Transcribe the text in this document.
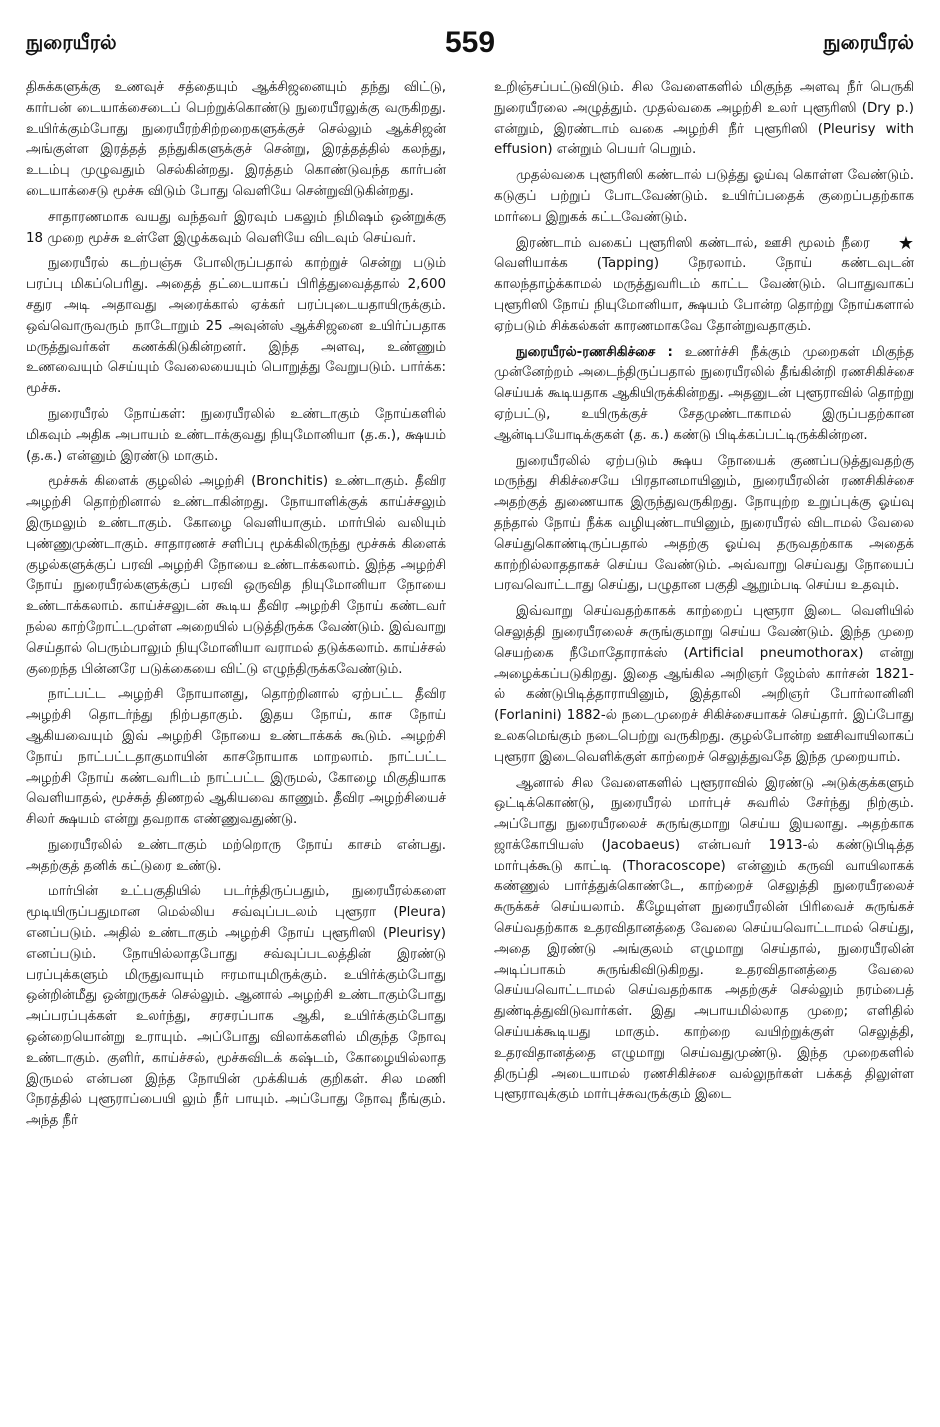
நுரையீரல்	559	நுரையீரல்

திசுக்களுக்கு உணவுச் சத்தையும் ஆக்சிஜனையும் தந்து விட்டு, கார்பன் டையாக்சைடைப் பெற்றுக்கொண்டு நுரையீரலுக்கு வருகிறது. உயிர்க்கும்போது நுரையீரற்சிற்றறைகளுக்குச் செல்லும் ஆக்சிஜன் அங்குள்ள இரத்தத் தந்துகிகளுக்குச் சென்று, இரத்தத்தில் கலந்து, உடம்பு முழுவதும் செல்கின்றது. இரத்தம் கொண்டுவந்த கார்பன் டையாக்சைடு மூச்சு விடும் போது வெளியே சென்றுவிடுகின்றது.

சாதாரணமாக வயது வந்தவர் இரவும் பகலும் நிமிஷம் ஒன்றுக்கு 18 முறை மூச்சு உள்ளே இழுக்கவும் வெளியே விடவும் செய்வர்.

நுரையீரல் கடற்பஞ்சு போலிருப்பதால் காற்றுச் சென்று படும் பரப்பு மிகப்பெரிது. அதைத் தட்டையாகப் பிரித்துவைத்தால் 2,600 சதுர அடி அதாவது அரைக்கால் ஏக்கர் பரப்புடையதாயிருக்கும். ஒவ்வொருவரும் நாடோறும் 25 அவுன்ஸ் ஆக்சிஜனை உயிர்ப்பதாக மருத்துவர்கள் கணக்கிடுகின்றனர். இந்த அளவு, உண்ணும் உணவையும் செய்யும் வேலையையும் பொறுத்து வேறுபடும். பார்க்க: மூச்சு.

நுரையீரல் நோய்கள்: நுரையீரலில் உண்டாகும் நோய்களில் மிகவும் அதிக அபாயம் உண்டாக்குவது நியுமோனியா (த.க.), க்ஷயம் (த.க.) என்னும் இரண்டு மாகும்.

மூச்சுக் கிளைக் குழலில் அழற்சி (Bronchitis) உண்டாகும். தீவிர அழற்சி தொற்றினால் உண்டாகின்றது. நோயாளிக்குக் காய்ச்சலும் இருமலும் உண்டாகும். கோழை வெளியாகும். மார்பில் வலியும் புண்ணுமுண்டாகும். சாதாரணச் சளிப்பு மூக்கிலிருந்து மூச்சுக் கிளைக் குழல்களுக்குப் பரவி அழற்சி நோயை உண்டாக்கலாம். இந்த அழற்சி நோய் நுரையீரல்களுக்குப் பரவி ஒருவித நியுமோனியா நோயை உண்டாக்கலாம். காய்ச்சலுடன் கூடிய தீவிர அழற்சி நோய் கண்டவர் நல்ல காற்றோட்டமுள்ள அறையில் படுத்திருக்க வேண்டும். இவ்வாறு செய்தால் பெரும்பாலும் நியுமோனியா வராமல் தடுக்கலாம். காய்ச்சல் குறைந்த பின்னரே படுக்கையை விட்டு எழுந்திருக்கவேண்டும்.

நாட்பட்ட அழற்சி நோயானது, தொற்றினால் ஏற்பட்ட தீவிர அழற்சி தொடர்ந்து நிற்பதாகும். இதய நோய், காச நோய் ஆகியவையும் இவ் அழற்சி நோயை உண்டாக்கக் கூடும். அழற்சி நோய் நாட்பட்டதாகுமாயின் காசநோயாக மாறலாம். நாட்பட்ட அழற்சி நோய் கண்டவரிடம் நாட்பட்ட இருமல், கோழை மிகுதியாக வெளியாதல், மூச்சுத் திணறல் ஆகியவை காணும். தீவிர அழற்சியைச் சிலர் க்ஷயம் என்று தவறாக எண்ணுவதுண்டு.

நுரையீரலில் உண்டாகும் மற்றொரு நோய் காசம் என்பது. அதற்குத் தனிக் கட்டுரை உண்டு.

மார்பின் உட்பகுதியில் படர்ந்திருப்பதும், நுரையீரல்களை மூடியிருப்பதுமான மெல்லிய சவ்வுப்படலம் புளூரா (Pleura) எனப்படும். அதில் உண்டாகும் அழற்சி நோய் புளூரிஸி (Pleurisy) எனப்படும். நோயில்லாதபோது சவ்வுப்படலத்தின் இரண்டு பரப்புக்களும் மிருதுவாயும் ஈரமாயுமிருக்கும். உயிர்க்கும்போது ஒன்றின்மீது ஒன்றுருகச் செல்லும். ஆனால் அழற்சி உண்டாகும்போது அப்பரப்புக்கள் உலர்ந்து, சரசரப்பாக ஆகி, உயிர்க்கும்போது ஒன்றையொன்று உராயும். அப்போது விலாக்களில் மிகுந்த நோவு உண்டாகும். குளிர், காய்ச்சல், மூச்சுவிடக் கஷ்டம், கோழையில்லாத இருமல் என்பன இந்த நோயின் முக்கியக் குறிகள். சில மணி நேரத்தில் புளூராப்பையி லும் நீர் பாயும். அப்போது நோவு நீங்கும். அந்த நீர்

உறிஞ்சப்பட்டுவிடும். சில வேளைகளில் மிகுந்த அளவு நீர் பெருகி நுரையீரலை அழுத்தும். முதல்வகை அழற்சி உலர் புளூரிஸி (Dry p.) என்றும், இரண்டாம் வகை அழற்சி நீர் புளூரிஸி (Pleurisy with effusion) என்றும் பெயர் பெறும்.

முதல்வகை புளூரிஸி கண்டால் படுத்து ஓய்வு கொள்ள வேண்டும். கடுகுப் பற்றுப் போடவேண்டும். உயிர்ப்பதைக் குறைப்பதற்காக மார்பை இறுகக் கட்டவேண்டும்.

★
இரண்டாம் வகைப் புளூரிஸி கண்டால், ஊசி மூலம் நீரை வெளியாக்க (Tapping) நேரலாம். நோய் கண்டவுடன் காலந்தாழ்க்காமல் மருத்துவரிடம் காட்ட வேண்டும். பொதுவாகப் புளூரிஸி நோய் நியுமோனியா, க்ஷயம் போன்ற தொற்று நோய்களால் ஏற்படும் சிக்கல்கள் காரணமாகவே தோன்றுவதாகும்.

நுரையீரல்-ரணசிகிச்சை : உணர்ச்சி நீக்கும் முறைகள் மிகுந்த முன்னேற்றம் அடைந்திருப்பதால் நுரையீரலில் தீங்கின்றி ரணசிகிச்சை செய்யக் கூடியதாக ஆகியிருக்கின்றது. அதனுடன் புளூராவில் தொற்று ஏற்பட்டு, உயிருக்குச் சேதமுண்டாகாமல் இருப்பதற்கான ஆன்டிபயோடிக்குகள் (த. க.) கண்டு பிடிக்கப்பட்டிருக்கின்றன.

நுரையீரலில் ஏற்படும் க்ஷய நோயைக் குணப்படுத்துவதற்கு மருந்து சிகிச்சையே பிரதானமாயினும், நுரையீரலின் ரணசிகிச்சை அதற்குத் துணையாக இருந்துவருகிறது. நோயுற்ற உறுப்புக்கு ஓய்வு தந்தால் நோய் நீக்க வழியுண்டாயினும், நுரையீரல் விடாமல் வேலை செய்துகொண்டிருப்பதால் அதற்கு ஓய்வு தருவதற்காக அதைக் காற்றில்லாததாகச் செய்ய வேண்டும். அவ்வாறு செய்வது நோயைப் பரவவொட்டாது செய்து, பழுதான பகுதி ஆறும்படி செய்ய உதவும்.

இவ்வாறு செய்வதற்காகக் காற்றைப் புளூரா இடை வெளியில் செலுத்தி நுரையீரலைச் சுருங்குமாறு செய்ய வேண்டும். இந்த முறை செயற்கை நீமோதோராக்ஸ் (Artificial pneumothorax) என்று அழைக்கப்படுகிறது. இதை ஆங்கில அறிஞர் ஜேம்ஸ் கார்சன் 1821-ல் கண்டுபிடித்தாராயினும், இத்தாலி அறிஞர் போர்லானினி (Forlanini) 1882-ல் நடைமுறைச் சிகிச்சையாகச் செய்தார். இப்போது உலகமெங்கும் நடைபெற்று வருகிறது. குழல்போன்ற ஊசிவாயிலாகப் புளூரா இடைவெளிக்குள் காற்றைச் செலுத்துவதே இந்த முறையாம்.

ஆனால் சில வேளைகளில் புளூராவில் இரண்டு அடுக்குக்களும் ஒட்டிக்கொண்டு, நுரையீரல் மார்புச் சுவரில் சேர்ந்து நிற்கும். அப்போது நுரையீரலைச் சுருங்குமாறு செய்ய இயலாது. அதற்காக ஜாக்கோபியஸ் (Jacobaeus) என்பவர் 1913-ல் கண்டுபிடித்த மார்புக்கூடு காட்டி (Thoracoscope) என்னும் கருவி வாயிலாகக் கண்ணுல் பார்த்துக்கொண்டே, காற்றைச் செலுத்தி நுரையீரலைச் சுருக்கச் செய்யலாம். கீழேயுள்ள நுரையீரலின் பிரிவைச் சுருங்கச் செய்வதற்காக உதரவிதானத்தை வேலை செய்யவொட்டாமல் செய்து, அதை இரண்டு அங்குலம் எழுமாறு செய்தால், நுரையீரலின் அடிப்பாகம் சுருங்கிவிடுகிறது. உதரவிதானத்தை வேலை செய்யவொட்டாமல் செய்வதற்காக அதற்குச் செல்லும் நரம்பைத் துண்டித்துவிடுவார்கள். இது அபாயமில்லாத முறை; எளிதில் செய்யக்கூடியது மாகும். காற்றை வயிற்றுக்குள் செலுத்தி, உதரவிதானத்தை எழுமாறு செய்வதுமுண்டு. இந்த முறைகளில் திருப்தி அடையாமல் ரணசிகிச்சை வல்லுநர்கள் பக்கத் திலுள்ள புளூராவுக்கும் மார்புச்சுவருக்கும் இடை
